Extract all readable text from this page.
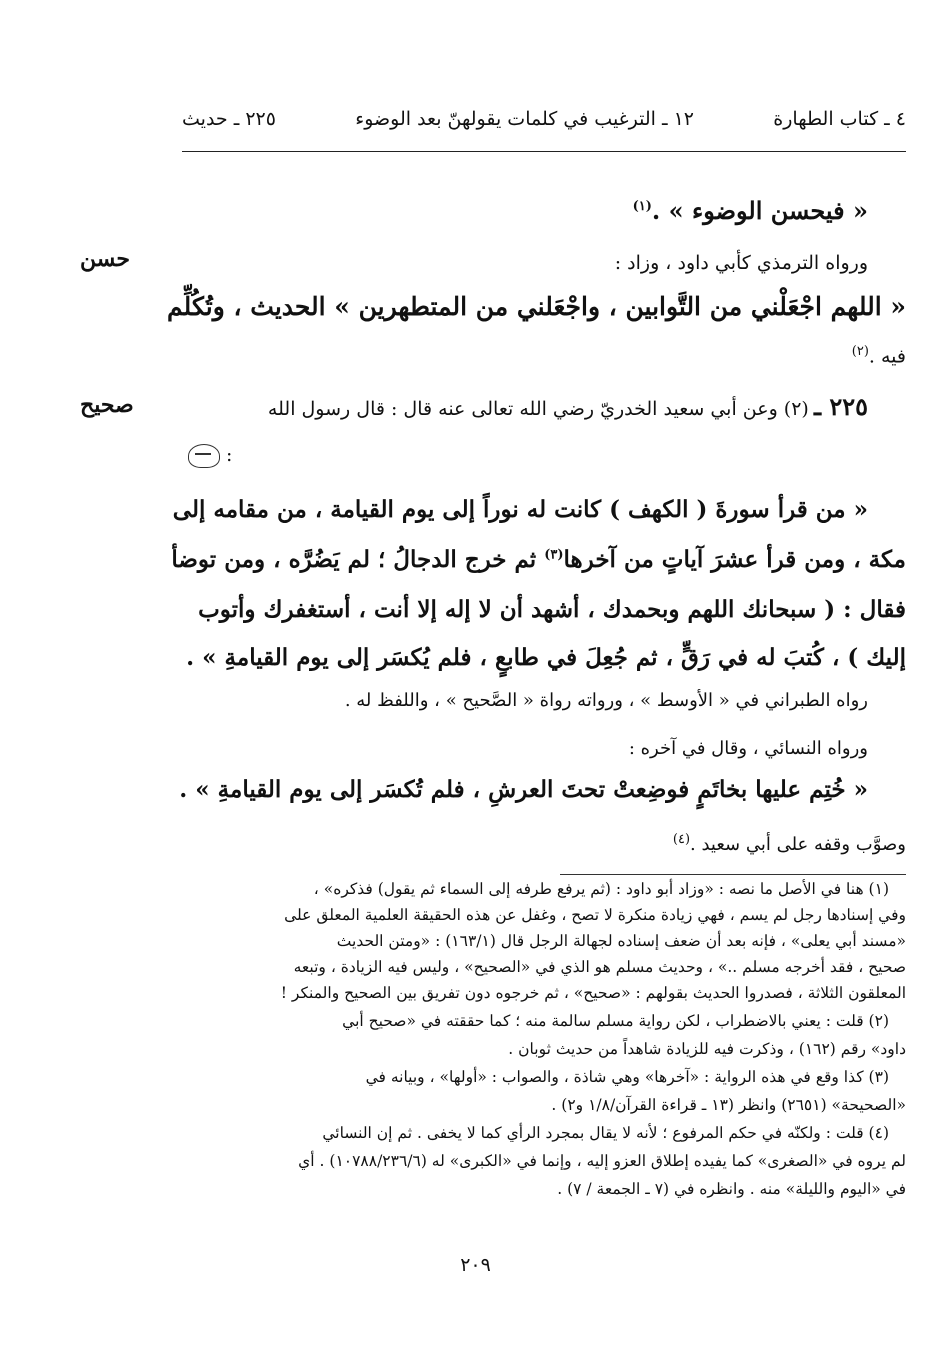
٤ ـ كتاب الطهارة
١٢ ـ الترغيب في كلمات يقولهنّ بعد الوضوء
٢٢٥ ـ حديث
حسن
صحيح
« فيحسن الوضوء » .$^{(١)}$
ورواه الترمذي كأبي داود ، وزاد :
« اللهم اجْعَلْني من التَّوابين ، واجْعَلني من المتطهرين » الحديث ، وتُكُلِّم
فيه .$^{(٢)}$
٢٢٥ ـ (٢) وعن أبي سعيد الخدريّ رضي الله تعالى عنه قال : قال رسول الله
:
« من قرأ سورةَ ( الكهف ) كانت له نوراً إلى يوم القيامة ، من مقامه إلى
مكة ، ومن قرأ عشرَ آياتٍ من آخرها$^{(٣)}$ ثم خرج الدجالُ ؛ لم يَضُرَّه ، ومن توضأ
فقال : ( سبحانك اللهم وبحمدك ، أشهد أن لا إله إلا أنت ، أستغفرك وأتوب
إليك ) ، كُتبَ له في رَقٍّ ، ثم جُعِلَ في طابعٍ ، فلم يُكسَر إلى يوم القيامةِ » .
رواه الطبراني في « الأوسط » ، ورواته رواة « الصَّحيح » ، واللفظ له .
ورواه النسائي ، وقال في آخره :
« خُتِم عليها بخاتَمٍ فوضِعتْ تحتَ العرشِ ، فلم تُكسَر إلى يوم القيامةِ » .
وصوَّب وقفه على أبي سعيد .$^{(٤)}$
(١) هنا في الأصل ما نصه : «وزاد أبو داود : (ثم يرفع طرفه إلى السماء ثم يقول) فذكره» ،
وفي إسنادها رجل لم يسم ، فهي زيادة منكرة لا تصح ، وغفل عن هذه الحقيقة العلمية المعلق على
«مسند أبي يعلى» ، فإنه بعد أن ضعف إسناده لجهالة الرجل قال (١٦٣/١) : «ومتن الحديث
صحيح ، فقد أخرجه مسلم ..» ، وحديث مسلم هو الذي في «الصحيح» ، وليس فيه الزيادة ، وتبعه
المعلقون الثلاثة ، فصدروا الحديث بقولهم : «صحيح» ، ثم خرجوه دون تفريق بين الصحيح والمنكر !
(٢) قلت : يعني بالاضطراب ، لكن رواية مسلم سالمة منه ؛ كما حققته في «صحيح أبي
داود» رقم (١٦٢) ، وذكرت فيه للزيادة شاهداً من حديث ثوبان .
(٣) كذا وقع في هذه الرواية : «آخرها» وهي شاذة ، والصواب : «أولها» ، وبيانه في
«الصحيحة» (٢٦٥١) وانظر (١٣ ـ قراءة القرآن/١/٨ و٢) .
(٤) قلت : ولكنّه في حكم المرفوع ؛ لأنه لا يقال بمجرد الرأي كما لا يخفى . ثم إن النسائي
لم يروه في «الصغرى» كما يفيده إطلاق العزو إليه ، وإنما في «الكبرى» له (١٠٧٨٨/٢٣٦/٦) . أي
في «اليوم والليلة» منه . وانظره في (٧ ـ الجمعة / ٧) .
٢٠٩
